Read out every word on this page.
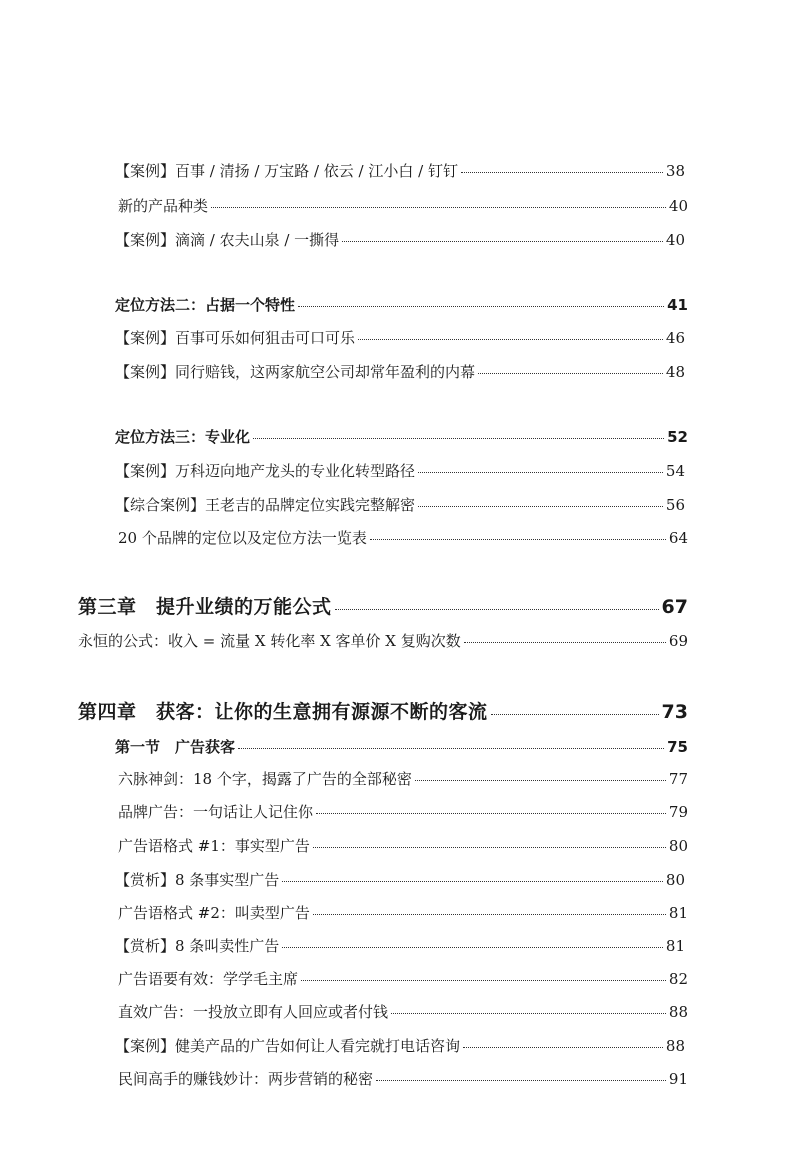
【案例】百事 / 清扬 / 万宝路 / 依云 / 江小白 / 钉钉	38
新的产品种类	40
【案例】滴滴 / 农夫山泉 / 一撕得	40
定位方法二：占据一个特性	41
【案例】百事可乐如何狙击可口可乐	46
【案例】同行赔钱，这两家航空公司却常年盈利的内幕	48
定位方法三：专业化	52
【案例】万科迈向地产龙头的专业化转型路径	54
【综合案例】王老吉的品牌定位实践完整解密	56
20 个品牌的定位以及定位方法一览表	64
第三章　提升业绩的万能公式	67
永恒的公式：收入 = 流量 X 转化率 X 客单价 X 复购次数	69
第四章　获客：让你的生意拥有源源不断的客流	73
第一节　广告获客	75
六脉神剑：18 个字，揭露了广告的全部秘密	77
品牌广告：一句话让人记住你	79
广告语格式 #1：事实型广告	80
【赏析】8 条事实型广告	80
广告语格式 #2：叫卖型广告	81
【赏析】8 条叫卖性广告	81
广告语要有效：学学毛主席	82
直效广告：一投放立即有人回应或者付钱	88
【案例】健美产品的广告如何让人看完就打电话咨询	88
民间高手的赚钱妙计：两步营销的秘密	91
